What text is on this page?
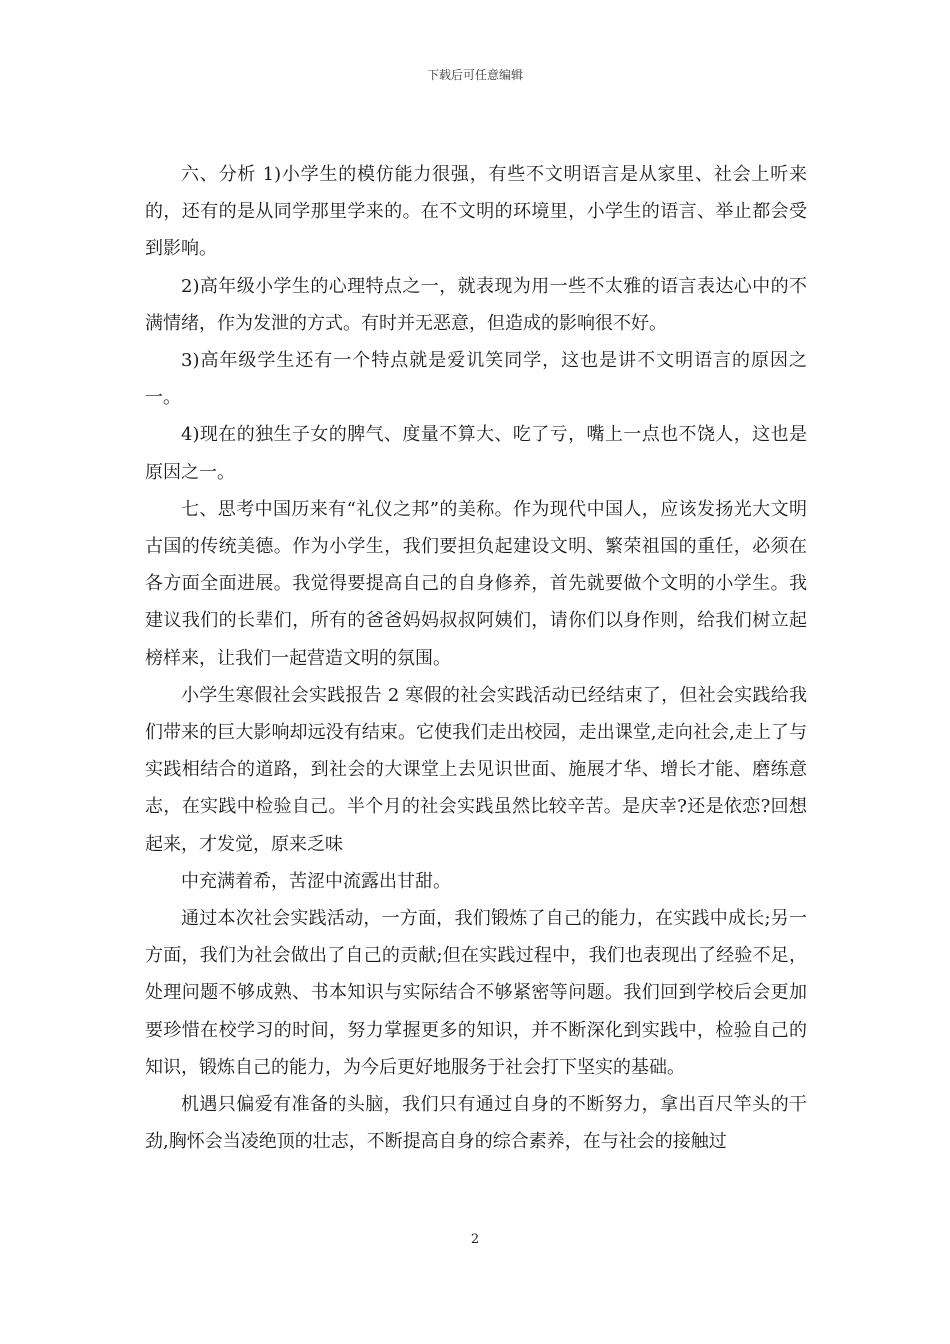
下载后可任意编辑

六、分析 1)小学生的模仿能力很强，有些不文明语言是从家里、社会上听来的，还有的是从同学那里学来的。在不文明的环境里，小学生的语言、举止都会受到影响。

2)高年级小学生的心理特点之一，就表现为用一些不太雅的语言表达心中的不满情绪，作为发泄的方式。有时并无恶意，但造成的影响很不好。

3)高年级学生还有一个特点就是爱讥笑同学，这也是讲不文明语言的原因之一。

4)现在的独生子女的脾气、度量不算大、吃了亏，嘴上一点也不饶人，这也是原因之一。

七、思考中国历来有“礼仪之邦”的美称。作为现代中国人，应该发扬光大文明古国的传统美德。作为小学生，我们要担负起建设文明、繁荣祖国的重任，必须在各方面全面进展。我觉得要提高自己的自身修养，首先就要做个文明的小学生。我建议我们的长辈们，所有的爸爸妈妈叔叔阿姨们，请你们以身作则，给我们树立起榜样来，让我们一起营造文明的氛围。

小学生寒假社会实践报告 2 寒假的社会实践活动已经结束了，但社会实践给我们带来的巨大影响却远没有结束。它使我们走出校园，走出课堂,走向社会,走上了与实践相结合的道路，到社会的大课堂上去见识世面、施展才华、增长才能、磨练意志，在实践中检验自己。半个月的社会实践虽然比较辛苦。是庆幸?还是依恋?回想起来，才发觉，原来乏味

中充满着希，苦涩中流露出甘甜。

通过本次社会实践活动，一方面，我们锻炼了自己的能力，在实践中成长;另一方面，我们为社会做出了自己的贡献;但在实践过程中，我们也表现出了经验不足，处理问题不够成熟、书本知识与实际结合不够紧密等问题。我们回到学校后会更加要珍惜在校学习的时间，努力掌握更多的知识，并不断深化到实践中，检验自己的知识，锻炼自己的能力，为今后更好地服务于社会打下坚实的基础。

机遇只偏爱有准备的头脑，我们只有通过自身的不断努力，拿出百尺竿头的干劲,胸怀会当凌绝顶的壮志，不断提高自身的综合素养，在与社会的接触过

2
